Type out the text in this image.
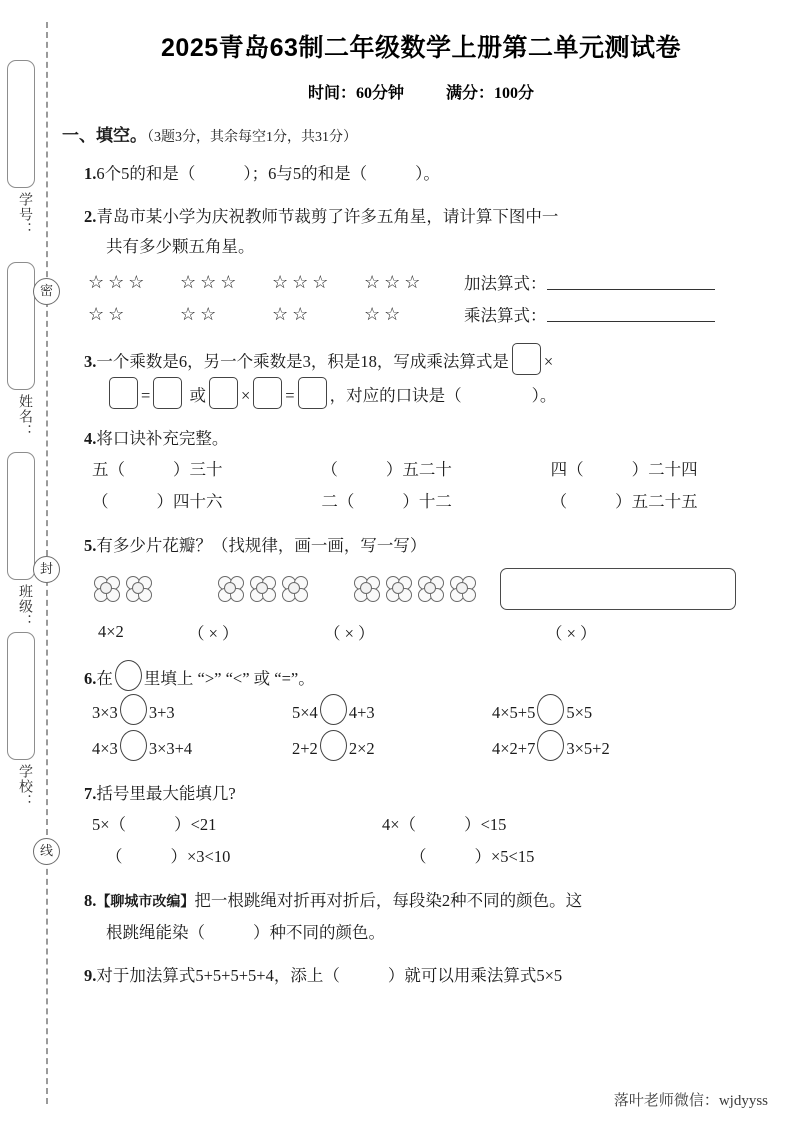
学号：
姓名：
班级：
学校：
密
封
线
2025青岛63制二年级数学上册第二单元测试卷
时间：60分钟	满分：100分
一、填空。（3题3分，其余每空1分，共31分）
1.6个5的和是（	）；6与5的和是（	）。
2.青岛市某小学为庆祝教师节裁剪了许多五角星，请计算下图中一
共有多少颗五角星。
☆☆☆	☆☆☆	☆☆☆	☆☆☆	加法算式：
☆☆	☆☆	☆☆	☆☆	乘法算式：
3.一个乘数是6，另一个乘数是3，积是18，写成乘法算式是 ×
= 或 × = ，对应的口诀是（	）。
4.将口诀补充完整。
五（	）三十	（	）五二十	四（	）二十四
（	）四十六	二（	）十二	（	）五二十五
5.有多少片花瓣？（找规律，画一画，写一写）
4×2	（ × ）	（ × ）	（ × ）
6.在 里填上 “>” “<” 或 “=”。
3×3 3+3	5×4 4+3	4×5+5 5×5
4×3 3×3+4	2+2 2×2	4×2+7 3×5+2
7.括号里最大能填几?
5×（	）<21	4×（	）<15
（	）×3<10	（	）×5<15
8.【聊城市改编】把一根跳绳对折再对折后，每段染2种不同的颜色。这
根跳绳能染（	）种不同的颜色。
9.对于加法算式5+5+5+5+4，添上（	）就可以用乘法算式5×5
落叶老师微信：wjdyyss
